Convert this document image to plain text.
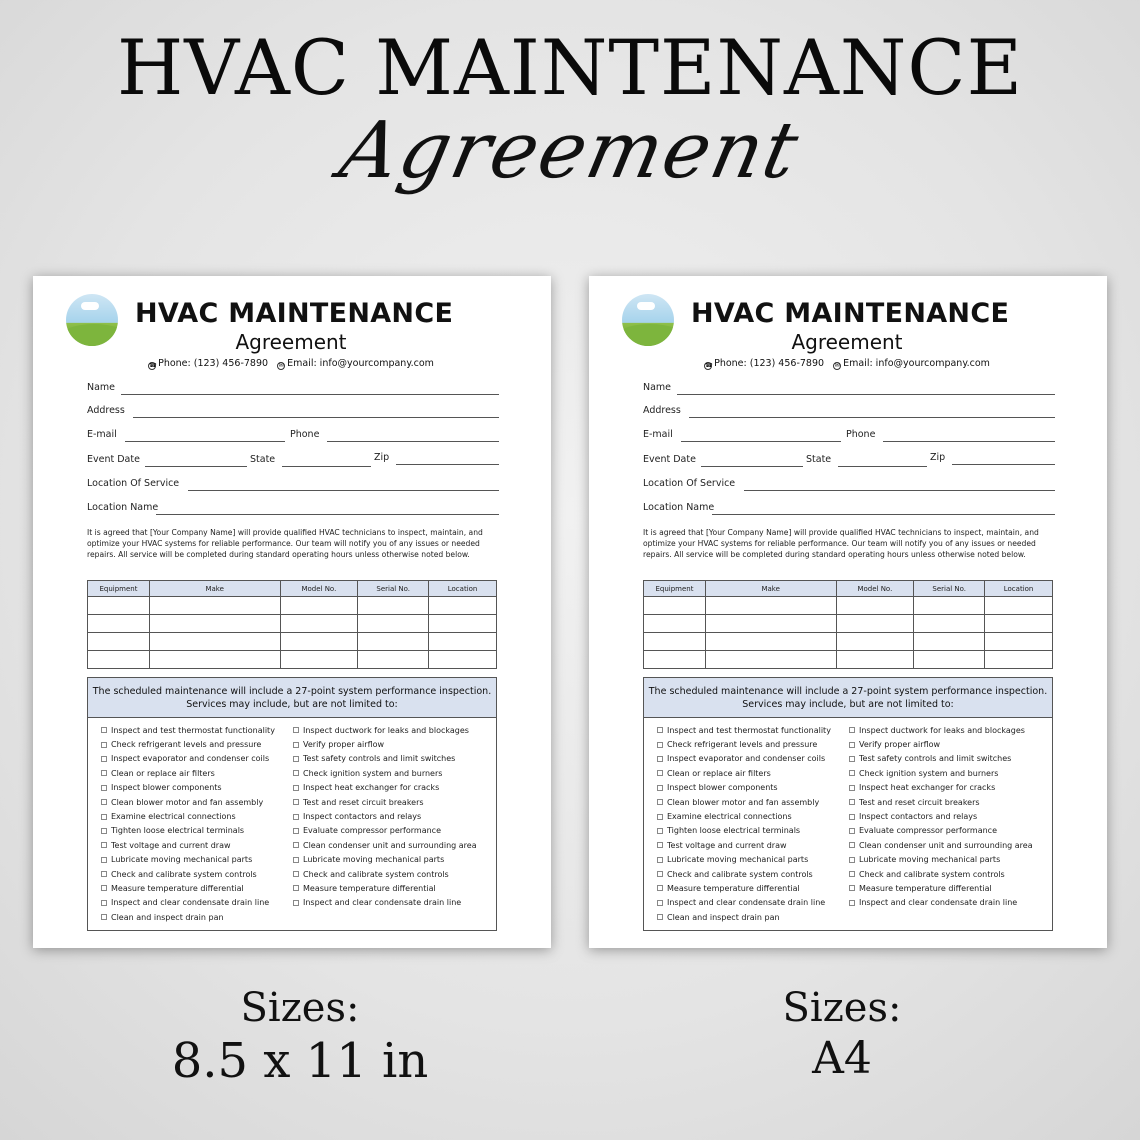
HVAC MAINTENANCE
Agreement
HVAC MAINTENANCE
Agreement
☎ Phone: (123) 456-7890 ✉ Email: info@yourcompany.com
Name
Address
E-mail	Phone
Event Date	State	Zip
Location Of Service
Location Name
It is agreed that [Your Company Name] will provide qualified HVAC technicians to inspect, maintain, and optimize your HVAC systems for reliable performance. Our team will notify you of any issues or needed repairs. All service will be completed during standard operating hours unless otherwise noted below.
Equipment	Make	Model No.	Serial No.	Location

The scheduled maintenance will include a 27-point system performance inspection. Services may include, but are not limited to:
Inspect and test thermostat functionality
Check refrigerant levels and pressure
Inspect evaporator and condenser coils
Clean or replace air filters
Inspect blower components
Clean blower motor and fan assembly
Examine electrical connections
Tighten loose electrical terminals
Test voltage and current draw
Lubricate moving mechanical parts
Check and calibrate system controls
Measure temperature differential
Inspect and clear condensate drain line
Clean and inspect drain pan
Inspect ductwork for leaks and blockages
Verify proper airflow
Test safety controls and limit switches
Check ignition system and burners
Inspect heat exchanger for cracks
Test and reset circuit breakers
Inspect contactors and relays
Evaluate compressor performance
Clean condenser unit and surrounding area
Lubricate moving mechanical parts
Check and calibrate system controls
Measure temperature differential
Inspect and clear condensate drain line
HVAC MAINTENANCE
Agreement
☎ Phone: (123) 456-7890 ✉ Email: info@yourcompany.com
Name
Address
E-mail	Phone
Event Date	State	Zip
Location Of Service
Location Name
It is agreed that [Your Company Name] will provide qualified HVAC technicians to inspect, maintain, and optimize your HVAC systems for reliable performance. Our team will notify you of any issues or needed repairs. All service will be completed during standard operating hours unless otherwise noted below.
Equipment	Make	Model No.	Serial No.	Location

The scheduled maintenance will include a 27-point system performance inspection. Services may include, but are not limited to:
Inspect and test thermostat functionality
Check refrigerant levels and pressure
Inspect evaporator and condenser coils
Clean or replace air filters
Inspect blower components
Clean blower motor and fan assembly
Examine electrical connections
Tighten loose electrical terminals
Test voltage and current draw
Lubricate moving mechanical parts
Check and calibrate system controls
Measure temperature differential
Inspect and clear condensate drain line
Clean and inspect drain pan
Inspect ductwork for leaks and blockages
Verify proper airflow
Test safety controls and limit switches
Check ignition system and burners
Inspect heat exchanger for cracks
Test and reset circuit breakers
Inspect contactors and relays
Evaluate compressor performance
Clean condenser unit and surrounding area
Lubricate moving mechanical parts
Check and calibrate system controls
Measure temperature differential
Inspect and clear condensate drain line
Sizes:
8.5 x 11 in
Sizes:
A4
